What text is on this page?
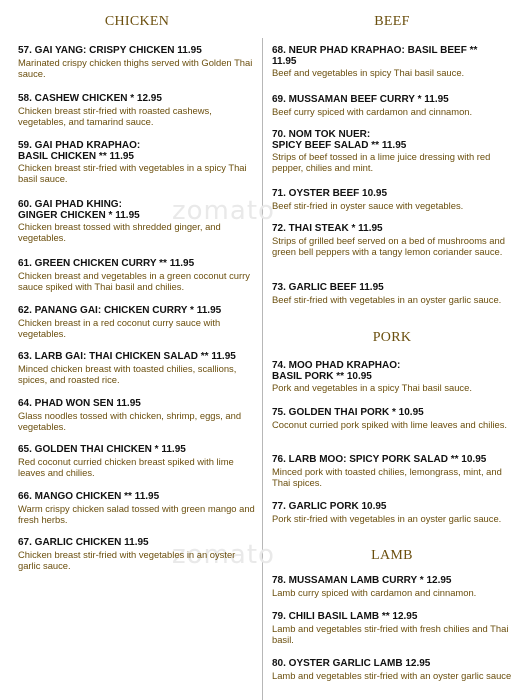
zomato
zomato
CHICKEN
57. GAI YANG: CRISPY CHICKEN 11.95
Marinated crispy chicken thighs served with Golden Thai sauce.
58. CASHEW CHICKEN * 12.95
Chicken breast stir-fried with roasted cashews, vegetables, and tamarind sauce.
59. GAI PHAD KRAPHAO:
BASIL CHICKEN ** 11.95
Chicken breast stir-fried with vegetables in a spicy Thai basil sauce.
60. GAI PHAD KHING:
GINGER CHICKEN * 11.95
Chicken breast tossed with shredded ginger, and vegetables.
61. GREEN CHICKEN CURRY ** 11.95
Chicken breast and vegetables in a green coconut curry sauce spiked with Thai basil and chilies.
62. PANANG GAI: CHICKEN CURRY * 11.95
Chicken breast in a red coconut curry sauce with vegetables.
63. LARB GAI: THAI CHICKEN SALAD ** 11.95
Minced chicken breast with toasted chilies, scallions, spices, and roasted rice.
64. PHAD WON SEN 11.95
Glass noodles tossed with chicken, shrimp, eggs, and vegetables.
65. GOLDEN THAI CHICKEN * 11.95
Red coconut curried chicken breast spiked with lime leaves and chilies.
66. MANGO CHICKEN ** 11.95
Warm crispy chicken salad tossed with green mango and fresh herbs.
67. GARLIC CHICKEN 11.95
Chicken breast stir-fried with vegetables in an oyster garlic sauce.
BEEF
68. NEUR PHAD KRAPHAO: BASIL BEEF **
11.95
Beef and vegetables in spicy Thai basil sauce.
69. MUSSAMAN BEEF CURRY * 11.95
Beef curry spiced with cardamon and cinnamon.
70. NOM TOK NUER:
SPICY BEEF SALAD ** 11.95
Strips of beef tossed in a lime juice dressing with red pepper, chilies and mint.
71. OYSTER BEEF 10.95
Beef stir-fried in oyster sauce with vegetables.
72. THAI STEAK * 11.95
Strips of grilled beef served on a bed of mushrooms and green bell peppers with a tangy lemon coriander sauce.
73. GARLIC BEEF 11.95
Beef stir-fried with vegetables in an oyster garlic sauce.
PORK
74. MOO PHAD KRAPHAO:
BASIL PORK ** 10.95
Pork and vegetables in a spicy Thai basil sauce.
75. GOLDEN THAI PORK * 10.95
Coconut curried pork spiked with lime leaves and chilies.
76. LARB MOO: SPICY PORK SALAD ** 10.95
Minced pork with toasted chilies, lemongrass, mint, and Thai spices.
77. GARLIC PORK 10.95
Pork stir-fried with vegetables in an oyster garlic sauce.
LAMB
78. MUSSAMAN LAMB CURRY * 12.95
Lamb curry spiced with cardamon and cinnamon.
79. CHILI BASIL LAMB ** 12.95
Lamb and vegetables stir-fried with fresh chilies and Thai basil.
80. OYSTER GARLIC LAMB 12.95
Lamb and vegetables stir-fried with an oyster garlic sauce
